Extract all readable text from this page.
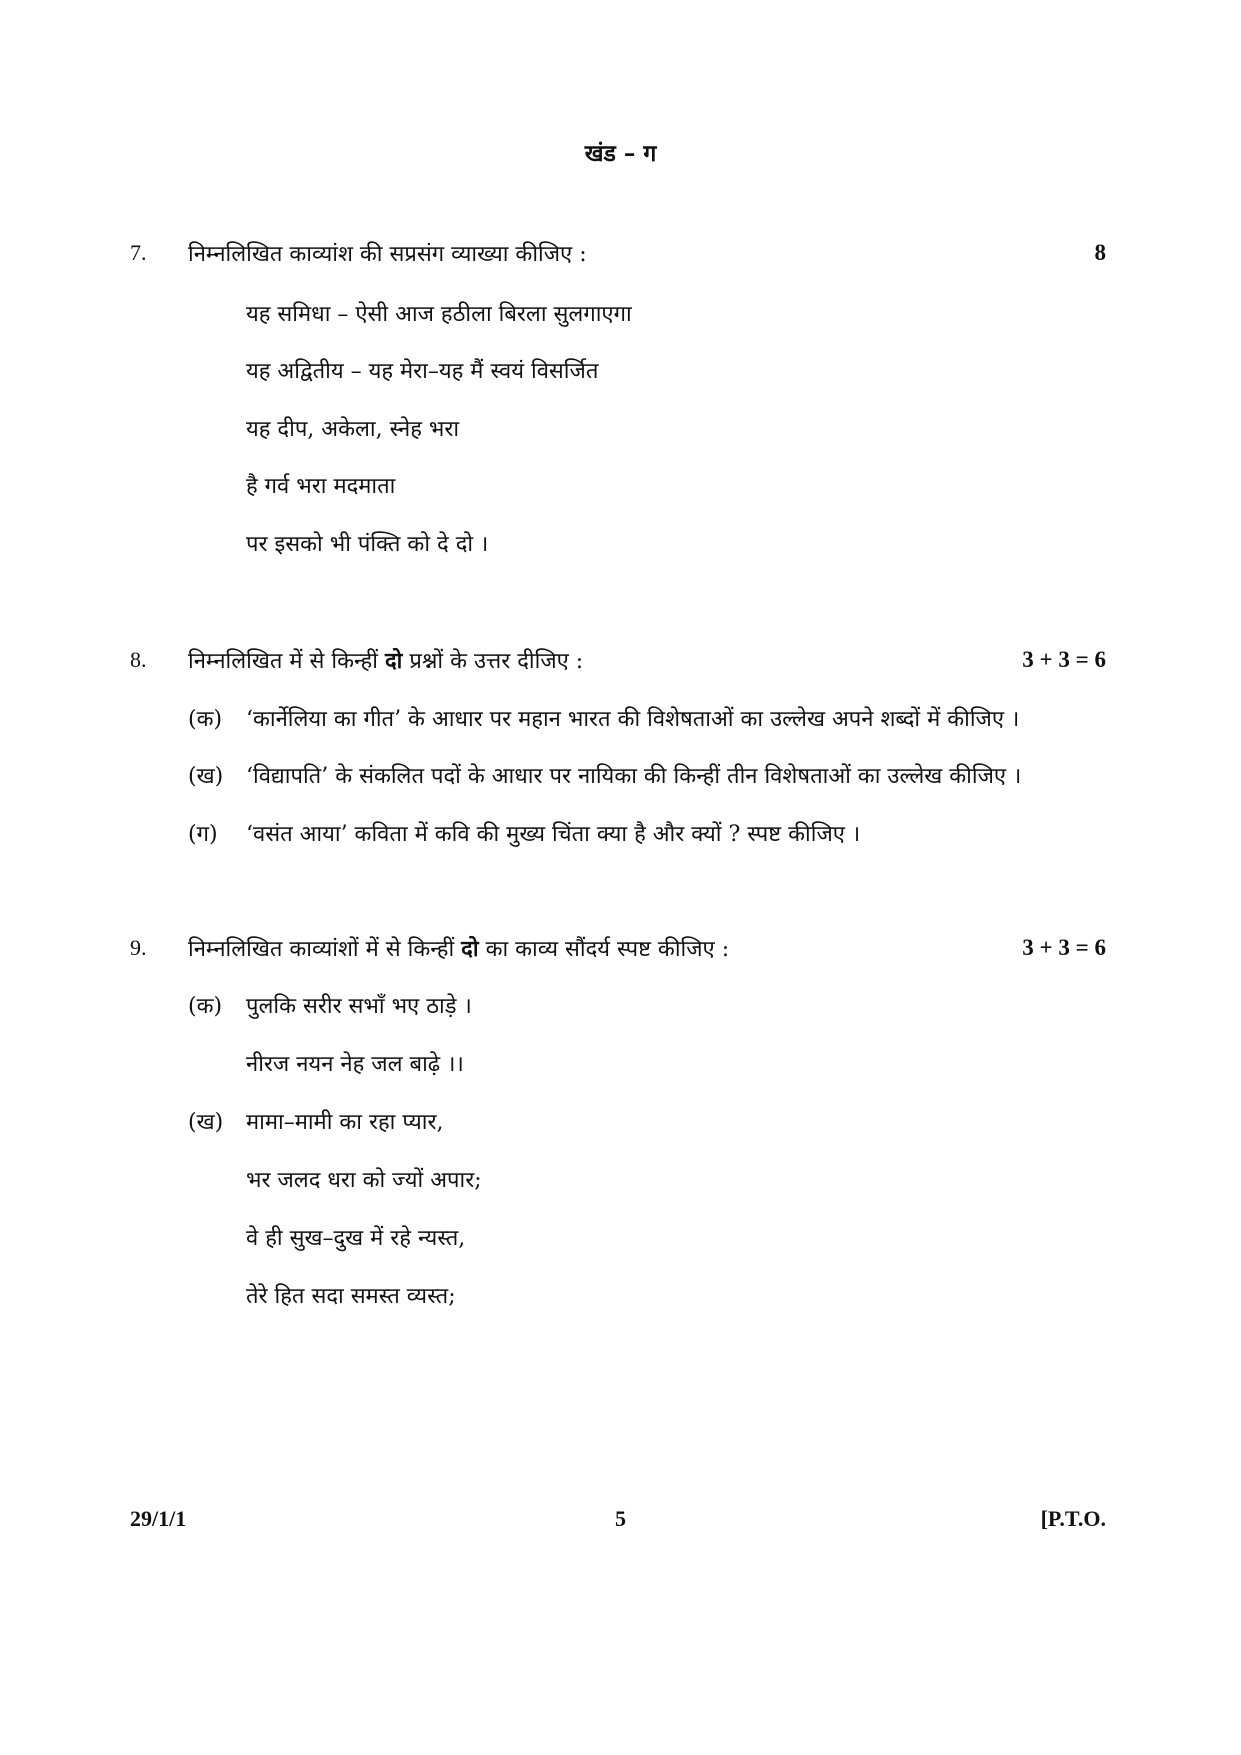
खंड – ग
7. निम्नलिखित काव्यांश की सप्रसंग व्याख्या कीजिए :	8
यह समिधा – ऐसी आज हठीला बिरला सुलगाएगा
यह अद्वितीय – यह मेरा–यह मैं स्वयं विसर्जित
यह दीप, अकेला, स्नेह भरा
है गर्व भरा मदमाता
पर इसको भी पंक्ति को दे दो ।
8. निम्नलिखित में से किन्हीं दो प्रश्नों के उत्तर दीजिए :	3 + 3 = 6
(क) ‘कार्नेलिया का गीत’ के आधार पर महान भारत की विशेषताओं का उल्लेख अपने शब्दों में कीजिए ।
(ख) ‘विद्यापति’ के संकलित पदों के आधार पर नायिका की किन्हीं तीन विशेषताओं का उल्लेख कीजिए ।
(ग) ‘वसंत आया’ कविता में कवि की मुख्य चिंता क्या है और क्यों ? स्पष्ट कीजिए ।
9. निम्नलिखित काव्यांशों में से किन्हीं दो का काव्य सौंदर्य स्पष्ट कीजिए :	3 + 3 = 6
(क) पुलकि सरीर सभाँ भए ठाड़े ।
नीरज नयन नेह जल बाढ़े ।।
(ख) मामा–मामी का रहा प्यार,
भर जलद धरा को ज्यों अपार;
वे ही सुख–दुख में रहे न्यस्त,
तेरे हित सदा समस्त व्यस्त;
29/1/1	5	[P.T.O.
